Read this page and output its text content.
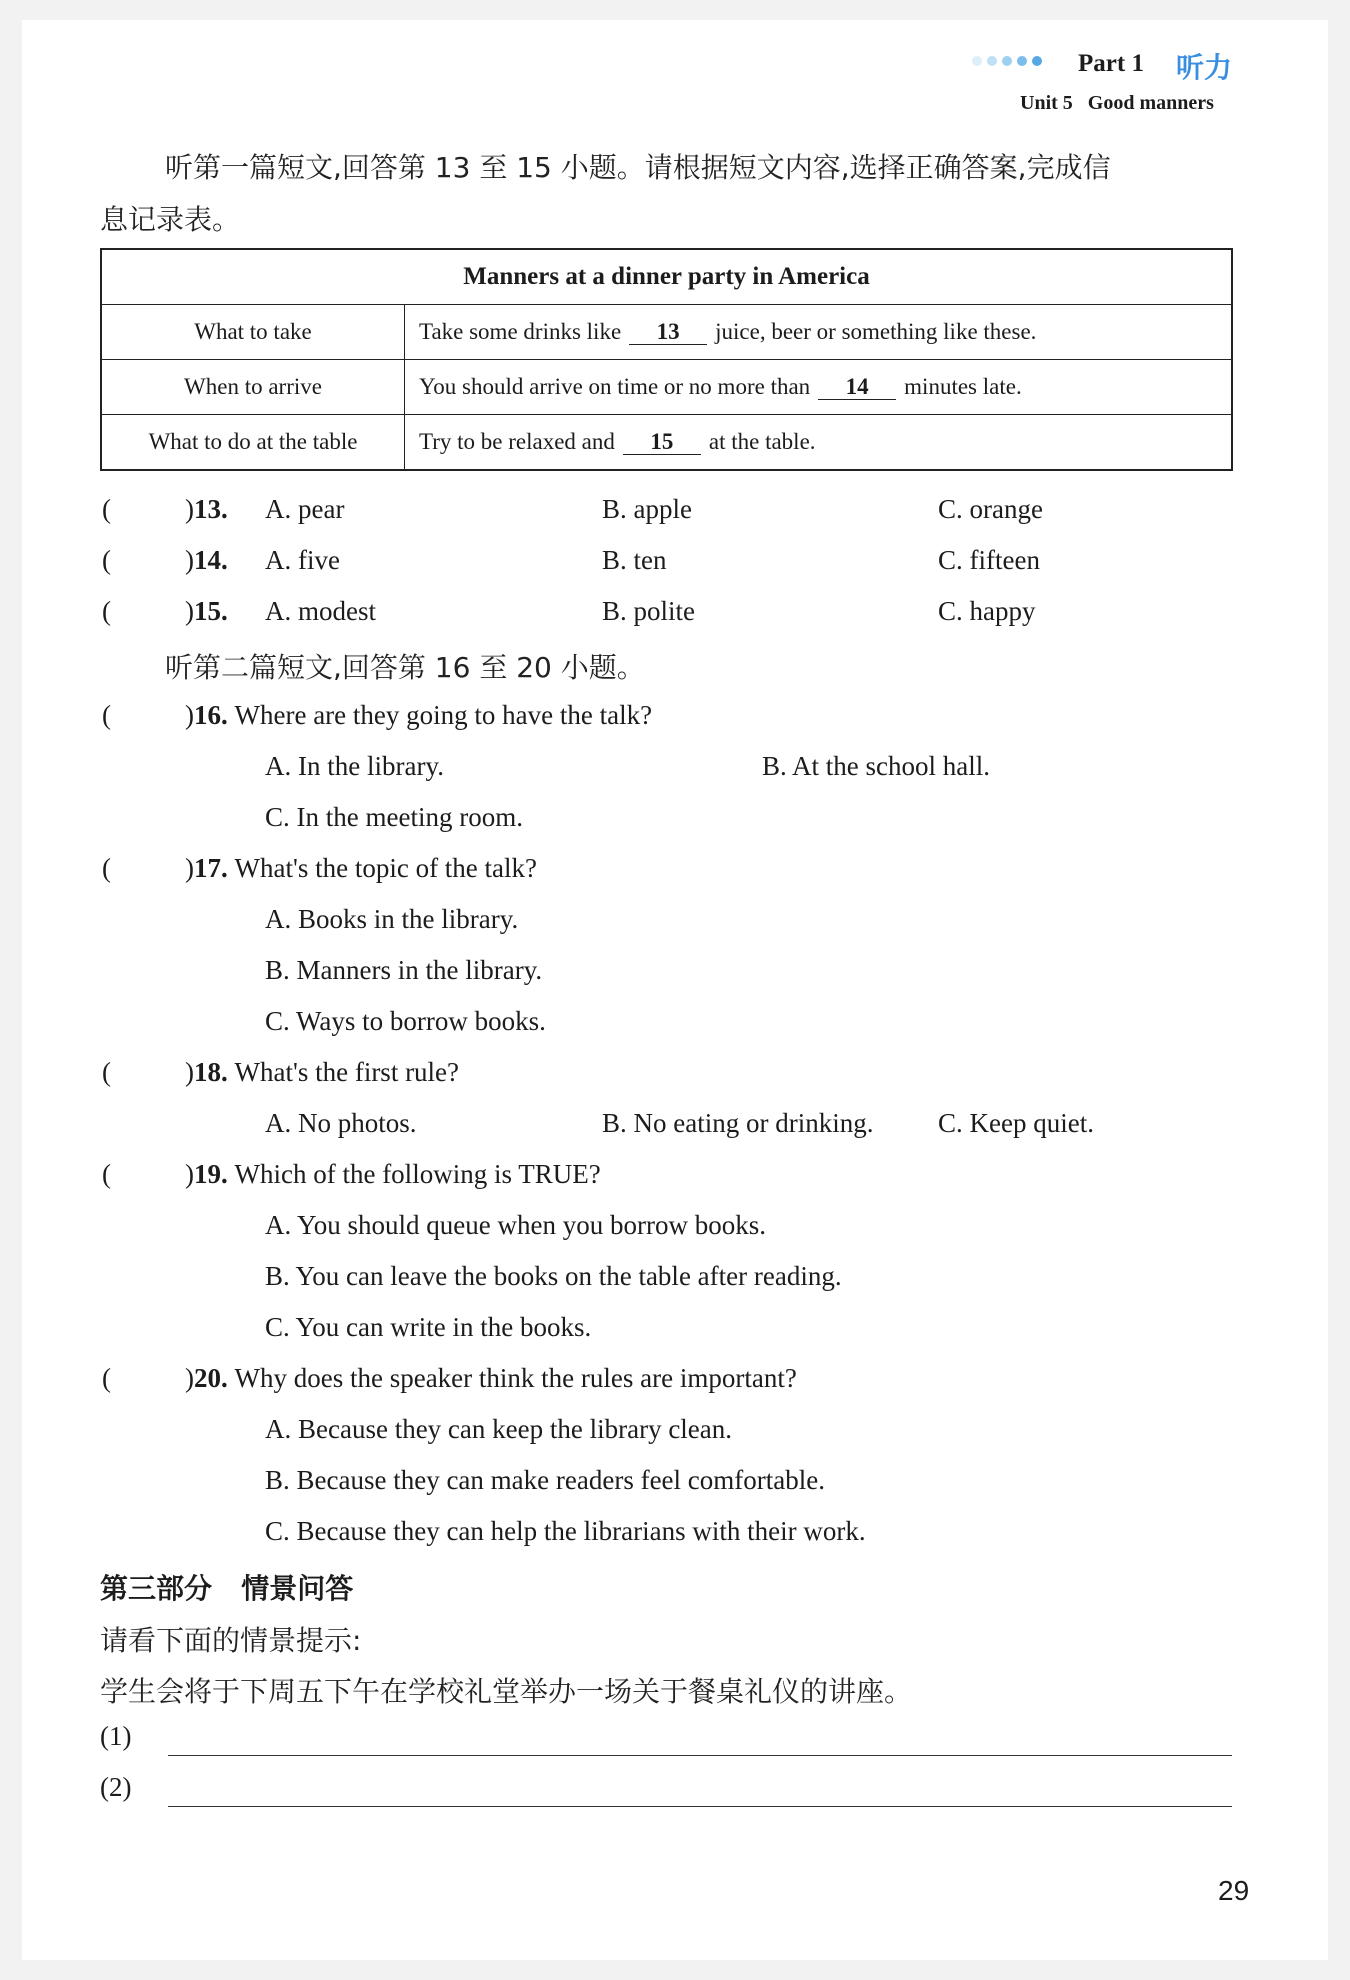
Part 1 听力
Unit 5 Good manners
听第一篇短文,回答第 13 至 15 小题。请根据短文内容,选择正确答案,完成信
息记录表。
Manners at a dinner party in America	
What to take	Take some drinks like 13 juice, beer or something like these.
When to arrive	You should arrive on time or no more than 14 minutes late.
What to do at the table	Try to be relaxed and 15 at the table.
(	)13. A. pear	B. apple	C. orange
(	)14. A. five	B. ten	C. fifteen
(	)15. A. modest	B. polite	C. happy
听第二篇短文,回答第 16 至 20 小题。
(	)16. Where are they going to have the talk?
A. In the library.	B. At the school hall.
C. In the meeting room.
(	)17. What's the topic of the talk?
A. Books in the library.
B. Manners in the library.
C. Ways to borrow books.
(	)18. What's the first rule?
A. No photos.	B. No eating or drinking. C. Keep quiet.
(	)19. Which of the following is TRUE?
A. You should queue when you borrow books.
B. You can leave the books on the table after reading.
C. You can write in the books.
(	)20. Why does the speaker think the rules are important?
A. Because they can keep the library clean.
B. Because they can make readers feel comfortable.
C. Because they can help the librarians with their work.
第三部分 情景问答
请看下面的情景提示:
学生会将于下周五下午在学校礼堂举办一场关于餐桌礼仪的讲座。
(1)
(2)
29
